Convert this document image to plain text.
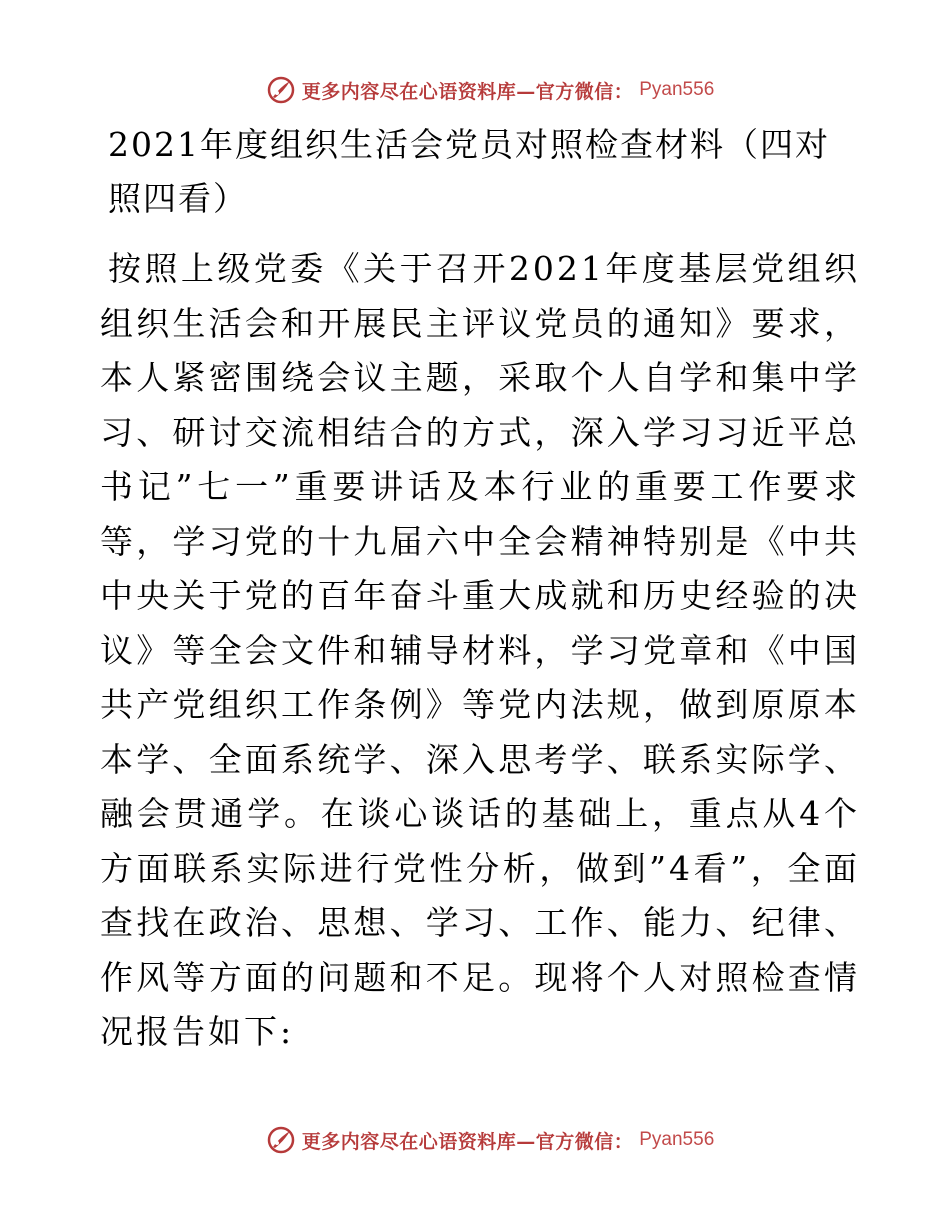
更多内容尽在心语资料库—官方微信： Pyan556
2021年度组织生活会党员对照检查材料（四对照四看）

按照上级党委《关于召开2021年度基层党组织组织生活会和开展民主评议党员的通知》要求，本人紧密围绕会议主题，采取个人自学和集中学习、研讨交流相结合的方式，深入学习习近平总书记”七一”重要讲话及本行业的重要工作要求等，学习党的十九届六中全会精神特别是《中共中央关于党的百年奋斗重大成就和历史经验的决议》等全会文件和辅导材料，学习党章和《中国共产党组织工作条例》等党内法规，做到原原本本学、全面系统学、深入思考学、联系实际学、融会贯通学。在谈心谈话的基础上，重点从4个方面联系实际进行党性分析，做到”4看”，全面查找在政治、思想、学习、工作、能力、纪律、作风等方面的问题和不足。现将个人对照检查情况报告如下:

更多内容尽在心语资料库—官方微信： Pyan556
